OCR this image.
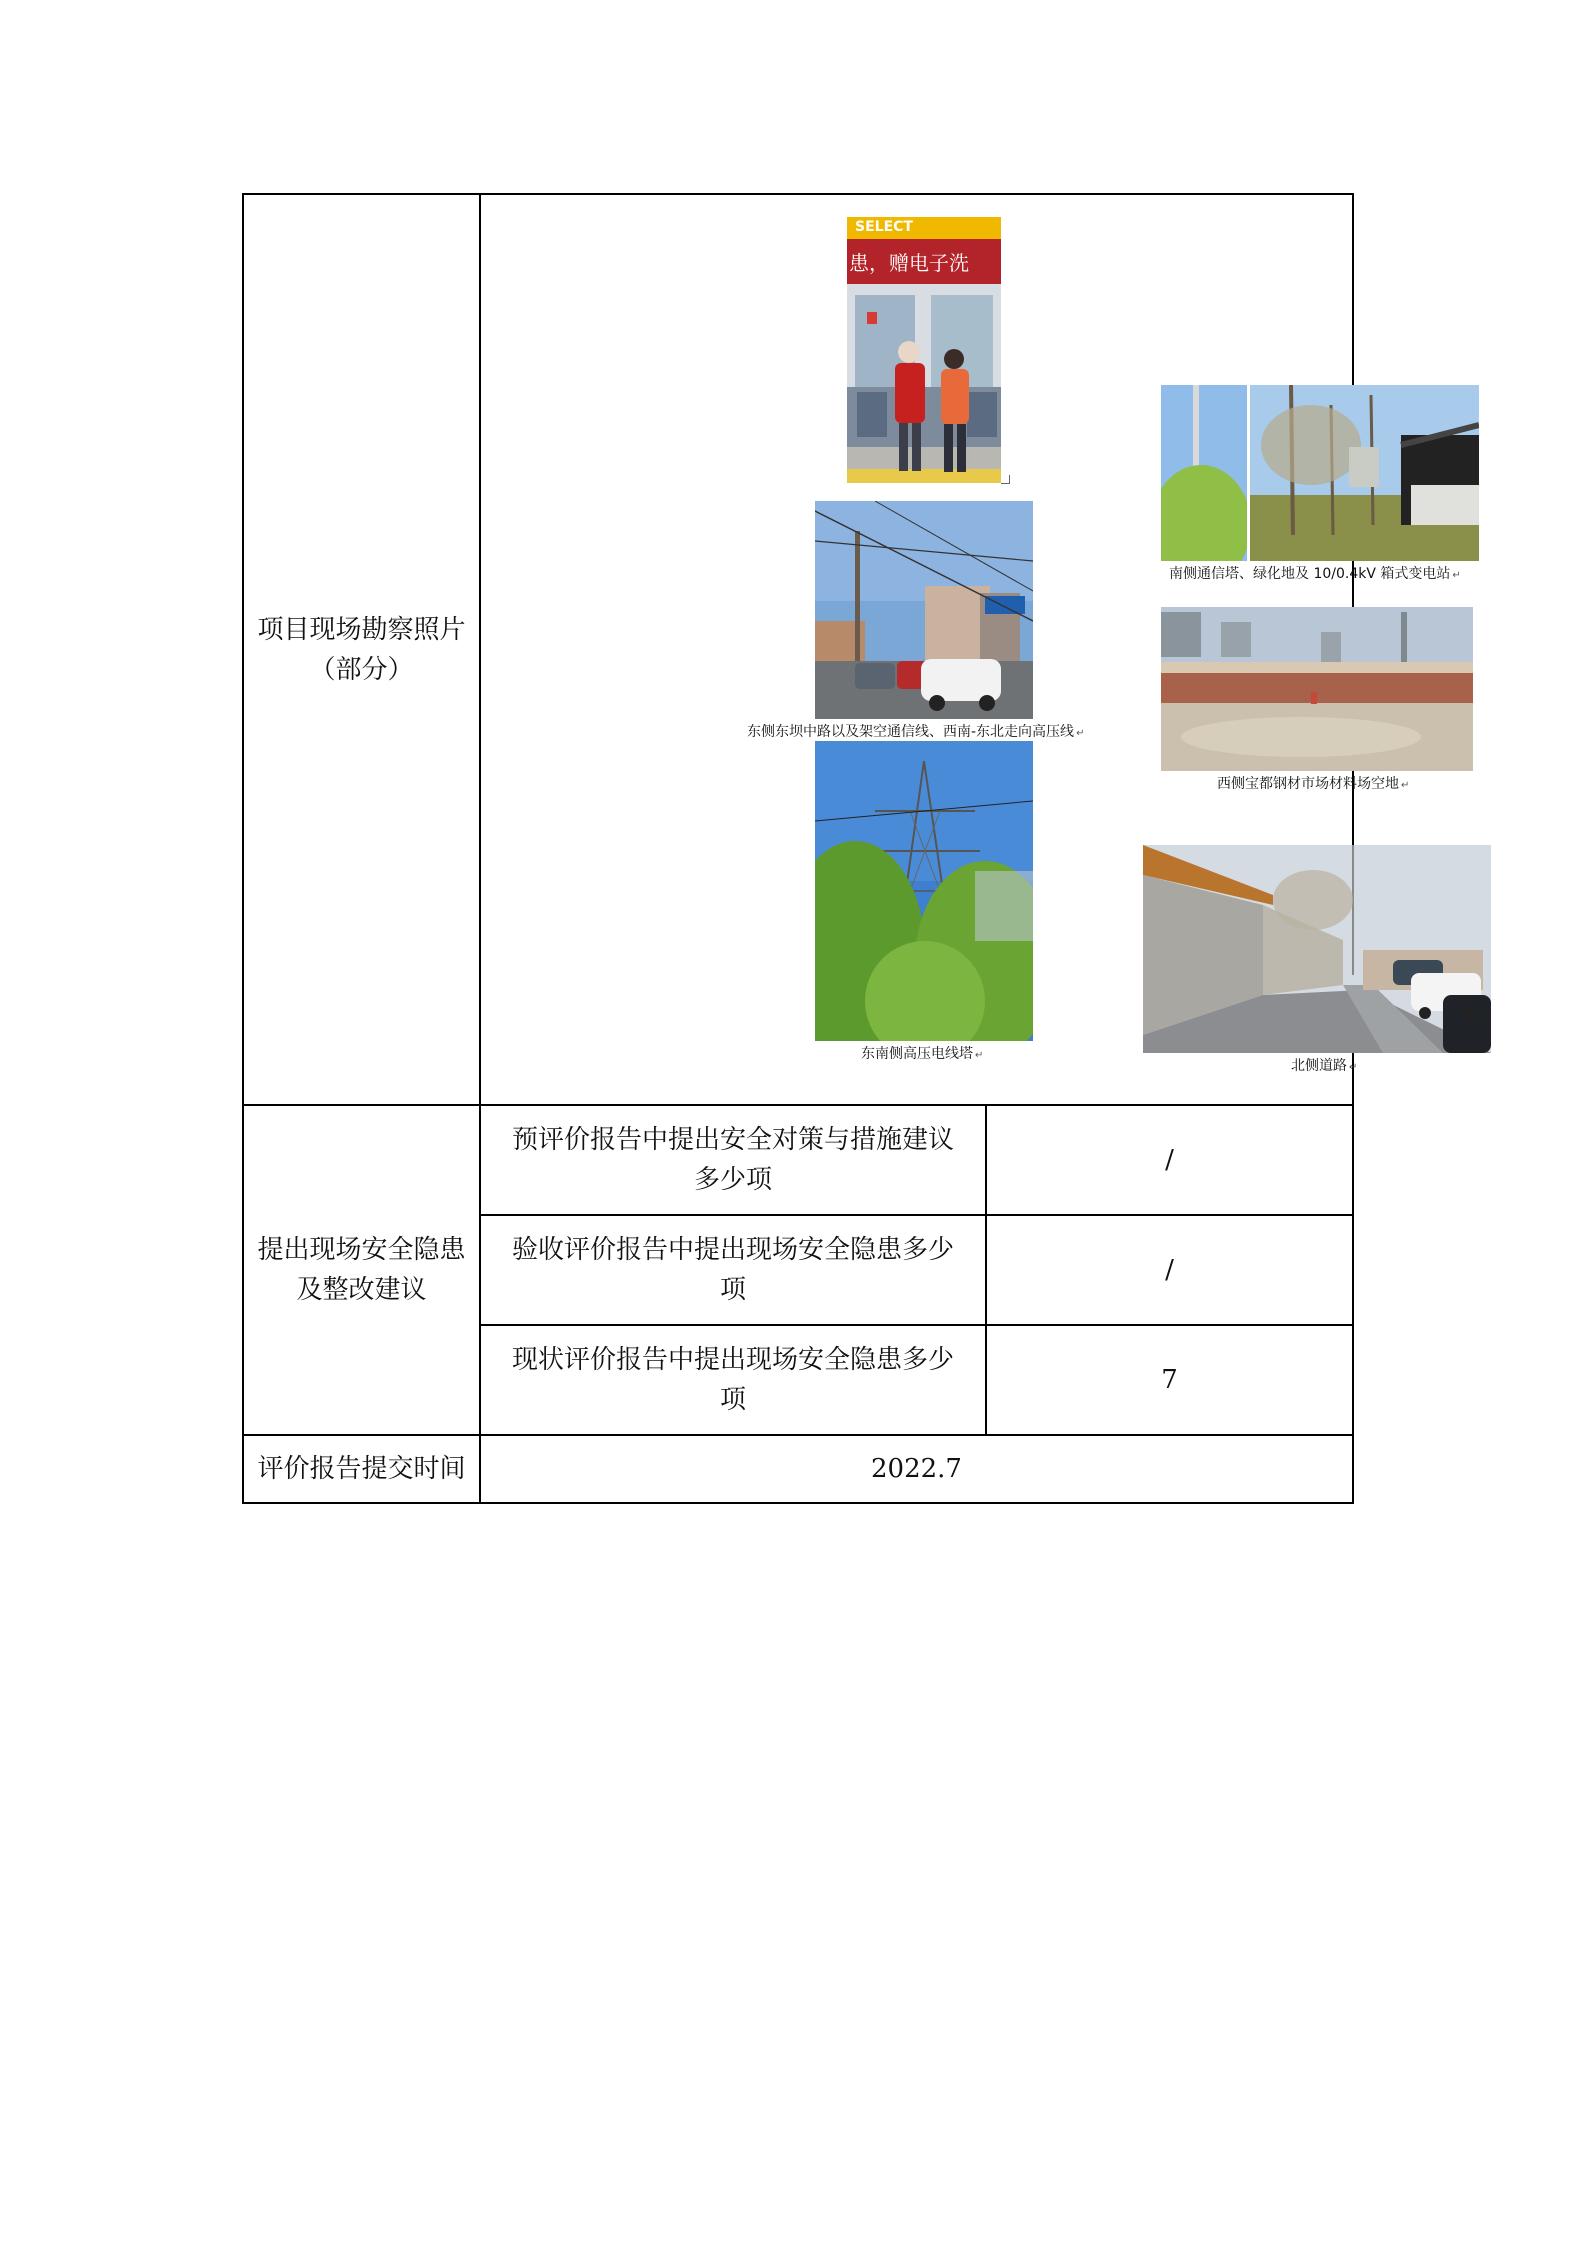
项目现场勘察照片
（部分）
SELECT
患，赠电子洗
东侧东坝中路以及架空通信线、西南-东北走向高压线 ↵
东南侧高压电线塔 ↵
南侧通信塔、绿化地及 10/0.4kV 箱式变电站 ↵
西侧宝都钢材市场材料场空地 ↵
北侧道路 ↵
提出现场安全隐患
及整改建议
预评价报告中提出安全对策与措施建议
多少项
/
验收评价报告中提出现场安全隐患多少
项
/
现状评价报告中提出现场安全隐患多少
项
7
评价报告提交时间	2022.7
